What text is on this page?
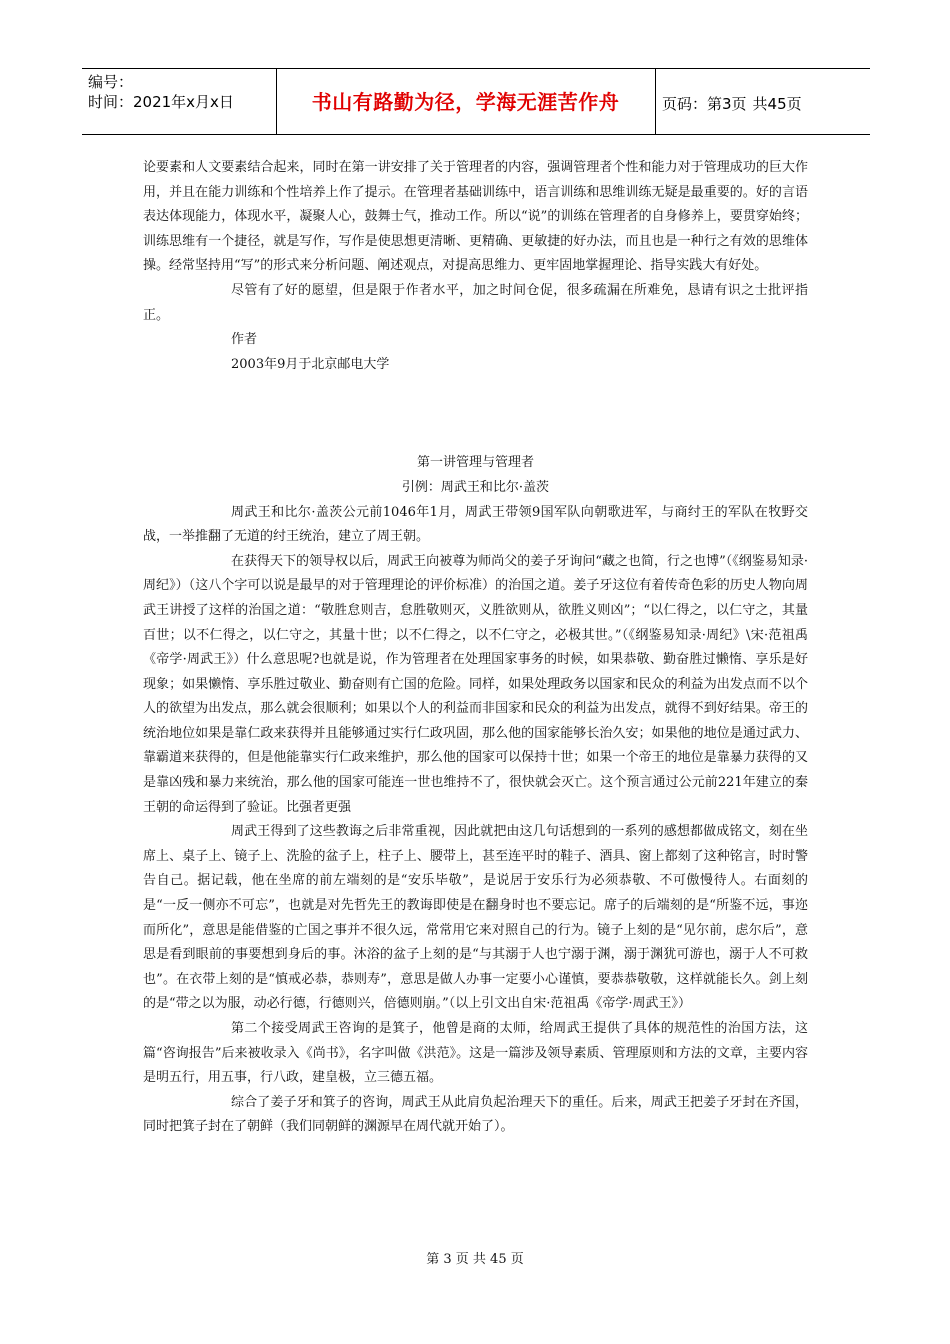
编号：
时间：2021年x月x日	书山有路勤为径，学海无涯苦作舟	页码：第3页 共45页

论要素和人文要素结合起来，同时在第一讲安排了关于管理者的内容，强调管理者个性和能力对于管理成功的巨大作用，并且在能力训练和个性培养上作了提示。在管理者基础训练中，语言训练和思维训练无疑是最重要的。好的言语表达体现能力，体现水平，凝聚人心，鼓舞士气，推动工作。所以“说”的训练在管理者的自身修养上，要贯穿始终；训练思维有一个捷径，就是写作，写作是使思想更清晰、更精确、更敏捷的好办法，而且也是一种行之有效的思维体操。经常坚持用“写”的形式来分析问题、阐述观点，对提高思维力、更牢固地掌握理论、指导实践大有好处。

尽管有了好的愿望，但是限于作者水平，加之时间仓促，很多疏漏在所难免，恳请有识之士批评指正。

作者

2003年9月于北京邮电大学

第一讲管理与管理者

引例：周武王和比尔·盖茨

周武王和比尔·盖茨公元前1046年1月，周武王带领9国军队向朝歌进军，与商纣王的军队在牧野交战，一举推翻了无道的纣王统治，建立了周王朝。

在获得天下的领导权以后，周武王向被尊为师尚父的姜子牙询问“藏之也简，行之也博”（《纲鉴易知录·周纪》）（这八个字可以说是最早的对于管理理论的评价标准）的治国之道。姜子牙这位有着传奇色彩的历史人物向周武王讲授了这样的治国之道：“敬胜怠则吉，怠胜敬则灭，义胜欲则从，欲胜义则凶”；“以仁得之，以仁守之，其量百世；以不仁得之，以仁守之，其量十世；以不仁得之，以不仁守之，必极其世。”（《纲鉴易知录·周纪》\宋·范祖禹《帝学·周武王》）什么意思呢?也就是说，作为管理者在处理国家事务的时候，如果恭敬、勤奋胜过懒惰、享乐是好现象；如果懒惰、享乐胜过敬业、勤奋则有亡国的危险。同样，如果处理政务以国家和民众的利益为出发点而不以个人的欲望为出发点，那么就会很顺利；如果以个人的利益而非国家和民众的利益为出发点，就得不到好结果。帝王的统治地位如果是靠仁政来获得并且能够通过实行仁政巩固，那么他的国家能够长治久安；如果他的地位是通过武力、靠霸道来获得的，但是他能靠实行仁政来维护，那么他的国家可以保持十世；如果一个帝王的地位是靠暴力获得的又是靠凶残和暴力来统治，那么他的国家可能连一世也维持不了，很快就会灭亡。这个预言通过公元前221年建立的秦王朝的命运得到了验证。比强者更强

周武王得到了这些教诲之后非常重视，因此就把由这几句话想到的一系列的感想都做成铭文，刻在坐席上、桌子上、镜子上、洗脸的盆子上，柱子上、腰带上，甚至连平时的鞋子、酒具、窗上都刻了这种铭言，时时警告自己。据记载，他在坐席的前左端刻的是“安乐毕敬”，是说居于安乐行为必须恭敬、不可傲慢待人。右面刻的是“一反一侧亦不可忘”，也就是对先哲先王的教诲即使是在翻身时也不要忘记。席子的后端刻的是“所鉴不远，事迩而所化”，意思是能借鉴的亡国之事并不很久远，常常用它来对照自己的行为。镜子上刻的是“见尔前，虑尔后”，意思是看到眼前的事要想到身后的事。沐浴的盆子上刻的是“与其溺于人也宁溺于渊，溺于渊犹可游也，溺于人不可救也”。在衣带上刻的是“慎戒必恭，恭则寿”，意思是做人办事一定要小心谨慎，要恭恭敬敬，这样就能长久。剑上刻的是“带之以为服，动必行德，行德则兴，倍德则崩。”（以上引文出自宋·范祖禹《帝学·周武王》）

第二个接受周武王咨询的是箕子，他曾是商的太师，给周武王提供了具体的规范性的治国方法，这篇“咨询报告”后来被收录入《尚书》，名字叫做《洪范》。这是一篇涉及领导素质、管理原则和方法的文章，主要内容是明五行，用五事，行八政，建皇极，立三德五福。

综合了姜子牙和箕子的咨询，周武王从此肩负起治理天下的重任。后来，周武王把姜子牙封在齐国，同时把箕子封在了朝鲜（我们同朝鲜的渊源早在周代就开始了）。

第 3 页 共 45 页
